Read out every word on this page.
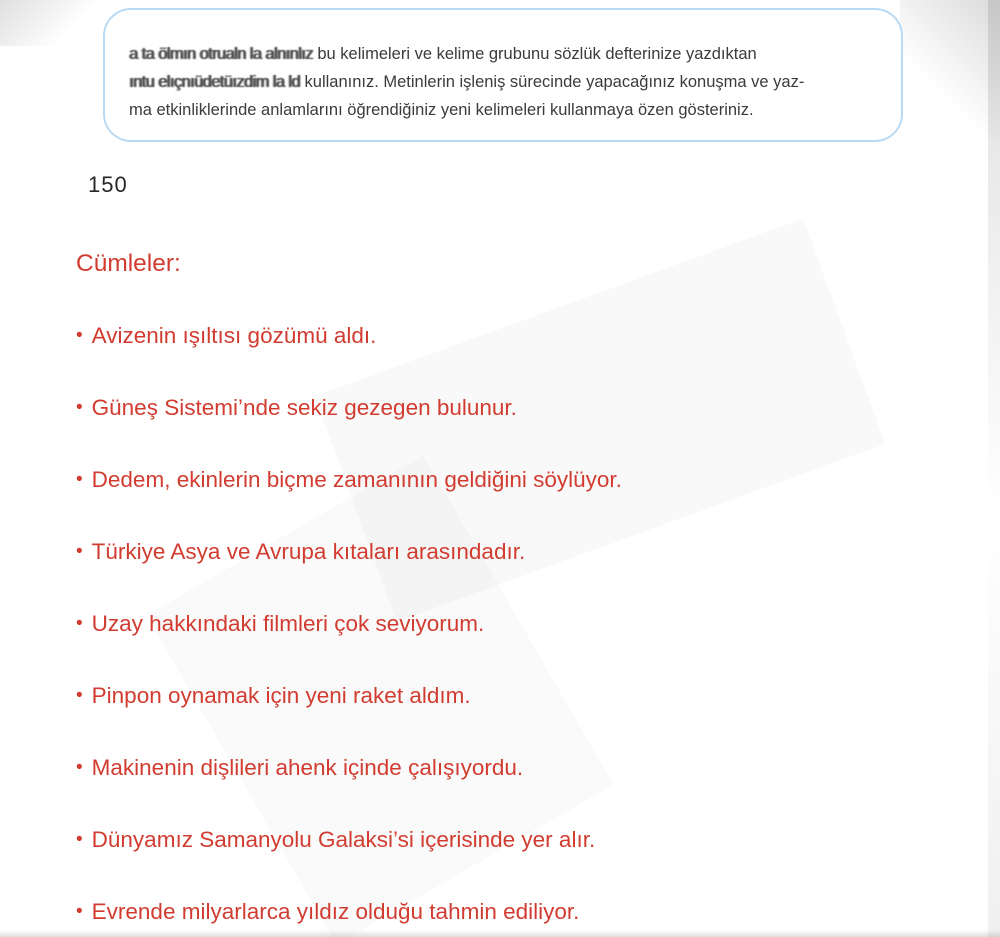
a ta ölmın otrualn la alnınlız bu kelimeleri ve kelime grubunu sözlük defterinize yazdıktan
ıntu elıçnıüdetüızdim la ld kullanınız. Metinlerin işleniş sürecinde yapacağınız konuşma ve yaz-
ma etkinliklerinde anlamlarını öğrendiğiniz yeni kelimeleri kullanmaya özen gösteriniz.
150
Cümleler:
• Avizenin ışıltısı gözümü aldı.
• Güneş Sistemi’nde sekiz gezegen bulunur.
• Dedem, ekinlerin biçme zamanının geldiğini söylüyor.
• Türkiye Asya ve Avrupa kıtaları arasındadır.
• Uzay hakkındaki filmleri çok seviyorum.
• Pinpon oynamak için yeni raket aldım.
• Makinenin dişlileri ahenk içinde çalışıyordu.
• Dünyamız Samanyolu Galaksi’si içerisinde yer alır.
• Evrende milyarlarca yıldız olduğu tahmin ediliyor.
